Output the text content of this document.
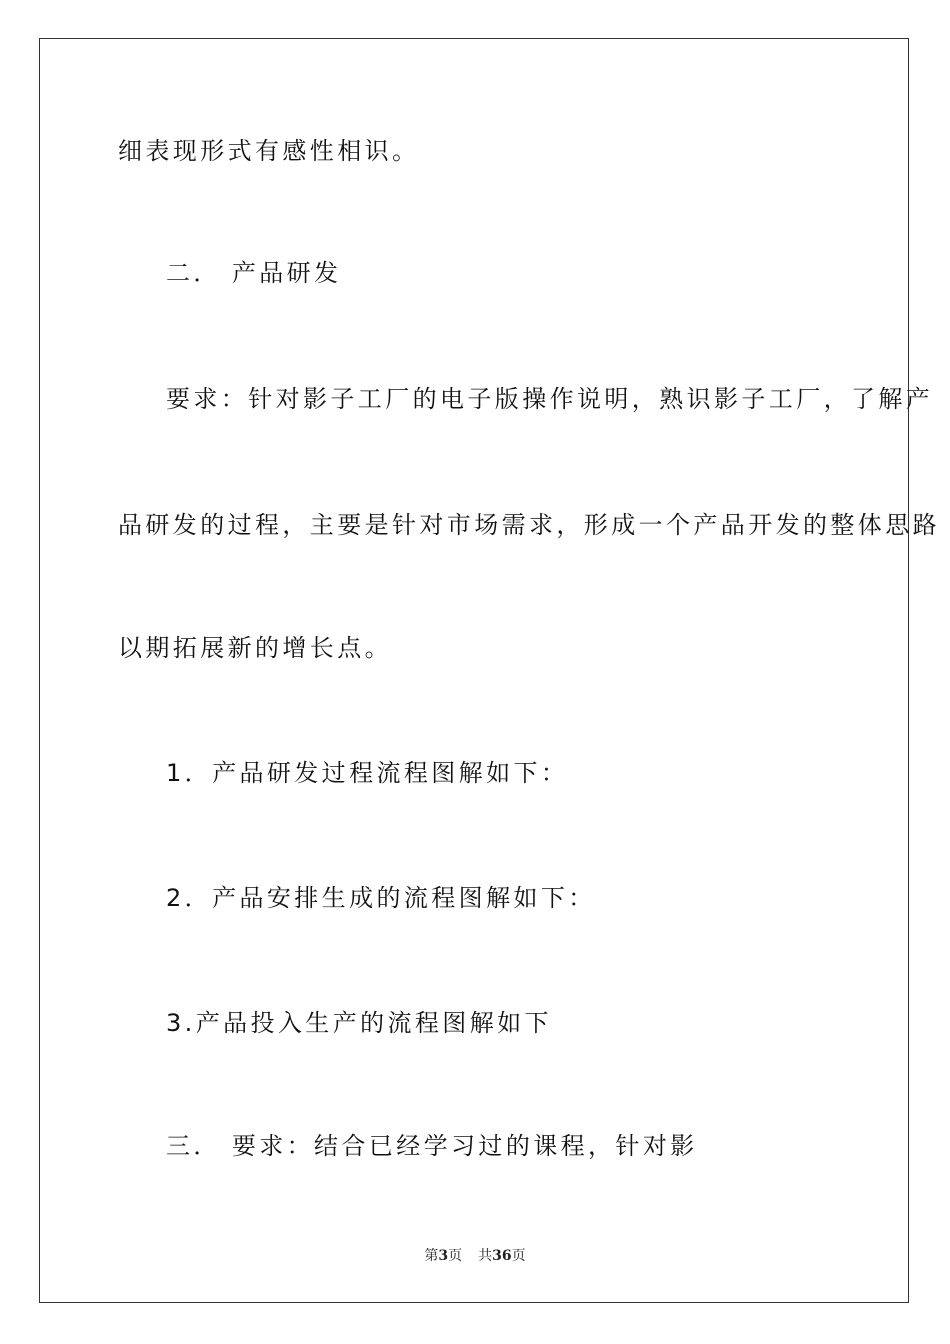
细表现形式有感性相识。
二． 产品研发
要求：针对影子工厂的电子版操作说明，熟识影子工厂，了解产
品研发的过程，主要是针对市场需求，形成一个产品开发的整体思路
以期拓展新的增长点。
1．产品研发过程流程图解如下：
2．产品安排生成的流程图解如下：
3.产品投入生产的流程图解如下
三． 要求：结合已经学习过的课程，针对影
第3页 共36页
